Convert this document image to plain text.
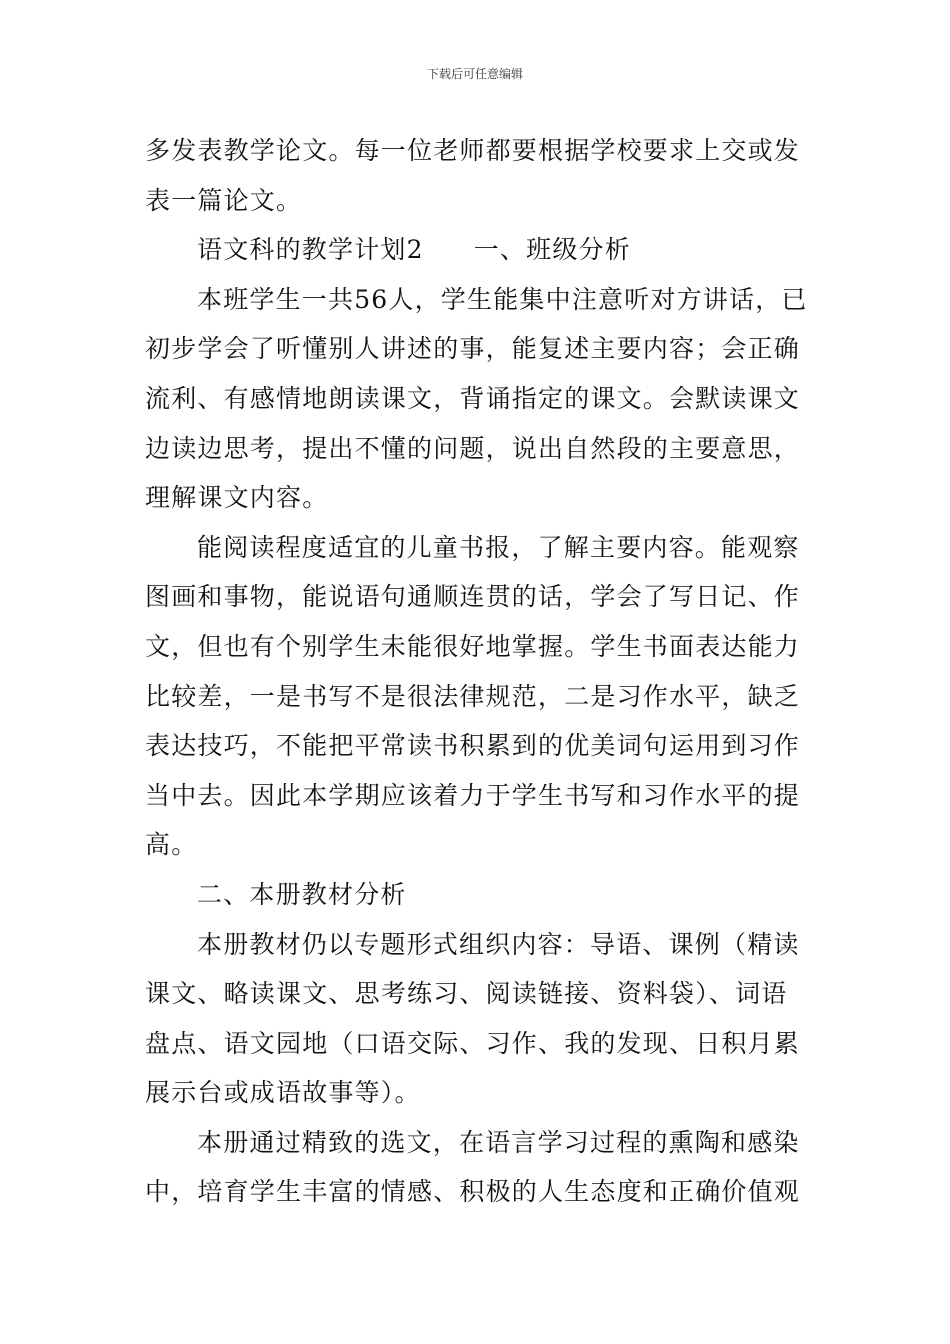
下载后可任意编辑
多发表教学论文。每一位老师都要根据学校要求上交或发
表一篇论文。
语文科的教学计划2 一、班级分析
本班学生一共56人，学生能集中注意听对方讲话，已
初步学会了听懂别人讲述的事，能复述主要内容；会正确
流利、有感情地朗读课文，背诵指定的课文。会默读课文
边读边思考，提出不懂的问题，说出自然段的主要意思，
理解课文内容。
能阅读程度适宜的儿童书报，了解主要内容。能观察
图画和事物，能说语句通顺连贯的话，学会了写日记、作
文，但也有个别学生未能很好地掌握。学生书面表达能力
比较差，一是书写不是很法律规范，二是习作水平，缺乏
表达技巧，不能把平常读书积累到的优美词句运用到习作
当中去。因此本学期应该着力于学生书写和习作水平的提
高。
二、本册教材分析
本册教材仍以专题形式组织内容：导语、课例（精读
课文、略读课文、思考练习、阅读链接、资料袋）、词语
盘点、语文园地（口语交际、习作、我的发现、日积月累
展示台或成语故事等）。
本册通过精致的选文，在语言学习过程的熏陶和感染
中，培育学生丰富的情感、积极的人生态度和正确价值观
